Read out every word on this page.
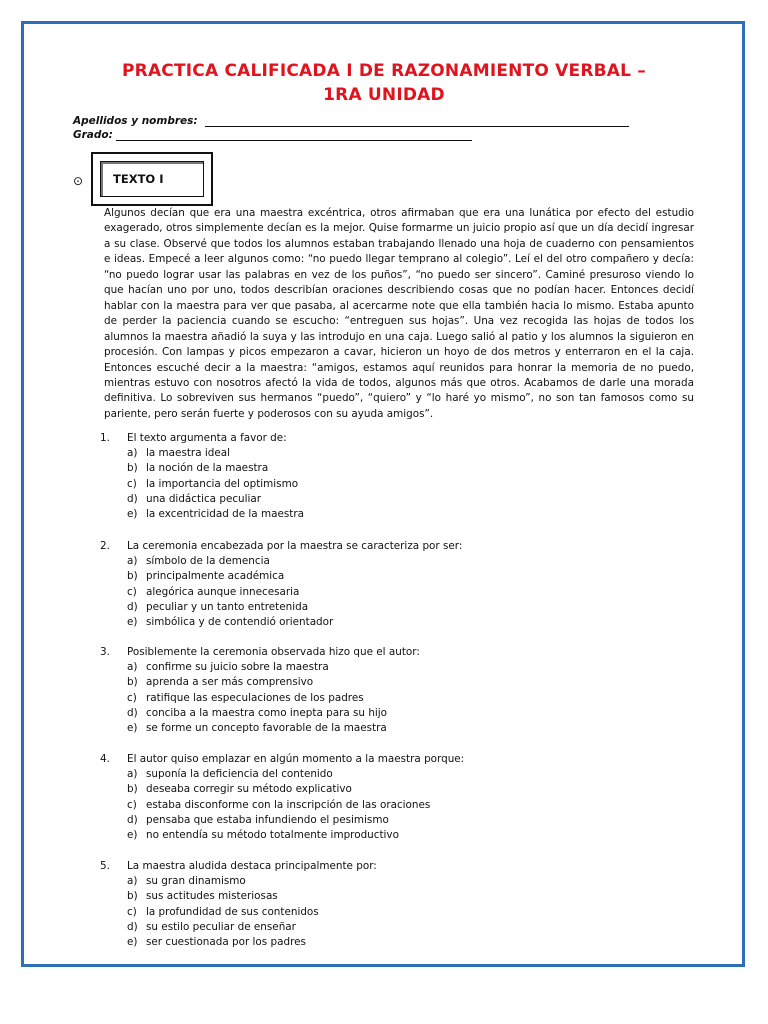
PRACTICA CALIFICADA I DE RAZONAMIENTO VERBAL –
1RA UNIDAD
Apellidos y nombres:
Grado:
⊙	TEXTO I
Algunos decían que era una maestra excéntrica, otros afirmaban que era una lunática por efecto del estudio exagerado, otros simplemente decían es la mejor. Quise formarme un juicio propio así que un día decidí ingresar a su clase. Observé que todos los alumnos estaban trabajando llenado una hoja de cuaderno con pensamientos e ideas. Empecé a leer algunos como: “no puedo llegar temprano al colegio”. Leí el del otro compañero y decía: “no puedo lograr usar las palabras en vez de los puños”, “no puedo ser sincero”. Caminé presuroso viendo lo que hacían uno por uno, todos describían oraciones describiendo cosas que no podían hacer. Entonces decidí hablar con la maestra para ver que pasaba, al acercarme note que ella también hacia lo mismo. Estaba apunto de perder la paciencia cuando se escucho: “entreguen sus hojas”. Una vez recogida las hojas de todos los alumnos la maestra añadió la suya y las introdujo en una caja. Luego salió al patio y los alumnos la siguieron en procesión. Con lampas y picos empezaron a cavar, hicieron un hoyo de dos metros y enterraron en el la caja. Entonces escuché decir a la maestra: “amigos, estamos aquí reunidos para honrar la memoria de no puedo, mientras estuvo con nosotros afectó la vida de todos, algunos más que otros. Acabamos de darle una morada definitiva. Lo sobreviven sus hermanos “puedo”, “quiero” y “lo haré yo mismo”, no son tan famosos como su pariente, pero serán fuerte y poderosos con su ayuda amigos”.
1.	El texto argumenta a favor de:
a) la maestra ideal
b) la noción de la maestra
c) la importancia del optimismo
d) una didáctica peculiar
e) la excentricidad de la maestra
2.	La ceremonia encabezada por la maestra se caracteriza por ser:
a) símbolo de la demencia
b) principalmente académica
c) alegórica aunque innecesaria
d) peculiar y un tanto entretenida
e) simbólica y de contendió orientador
3.	Posiblemente la ceremonia observada hizo que el autor:
a) confirme su juicio sobre la maestra
b) aprenda a ser más comprensivo
c) ratifique las especulaciones de los padres
d) conciba a la maestra como inepta para su hijo
e) se forme un concepto favorable de la maestra
4.	El autor quiso emplazar en algún momento a la maestra porque:
a) suponía la deficiencia del contenido
b) deseaba corregir su método explicativo
c) estaba disconforme con la inscripción de las oraciones
d) pensaba que estaba infundiendo el pesimismo
e) no entendía su método totalmente improductivo
5.	La maestra aludida destaca principalmente por:
a) su gran dinamismo
b) sus actitudes misteriosas
c) la profundidad de sus contenidos
d) su estilo peculiar de enseñar
e) ser cuestionada por los padres
